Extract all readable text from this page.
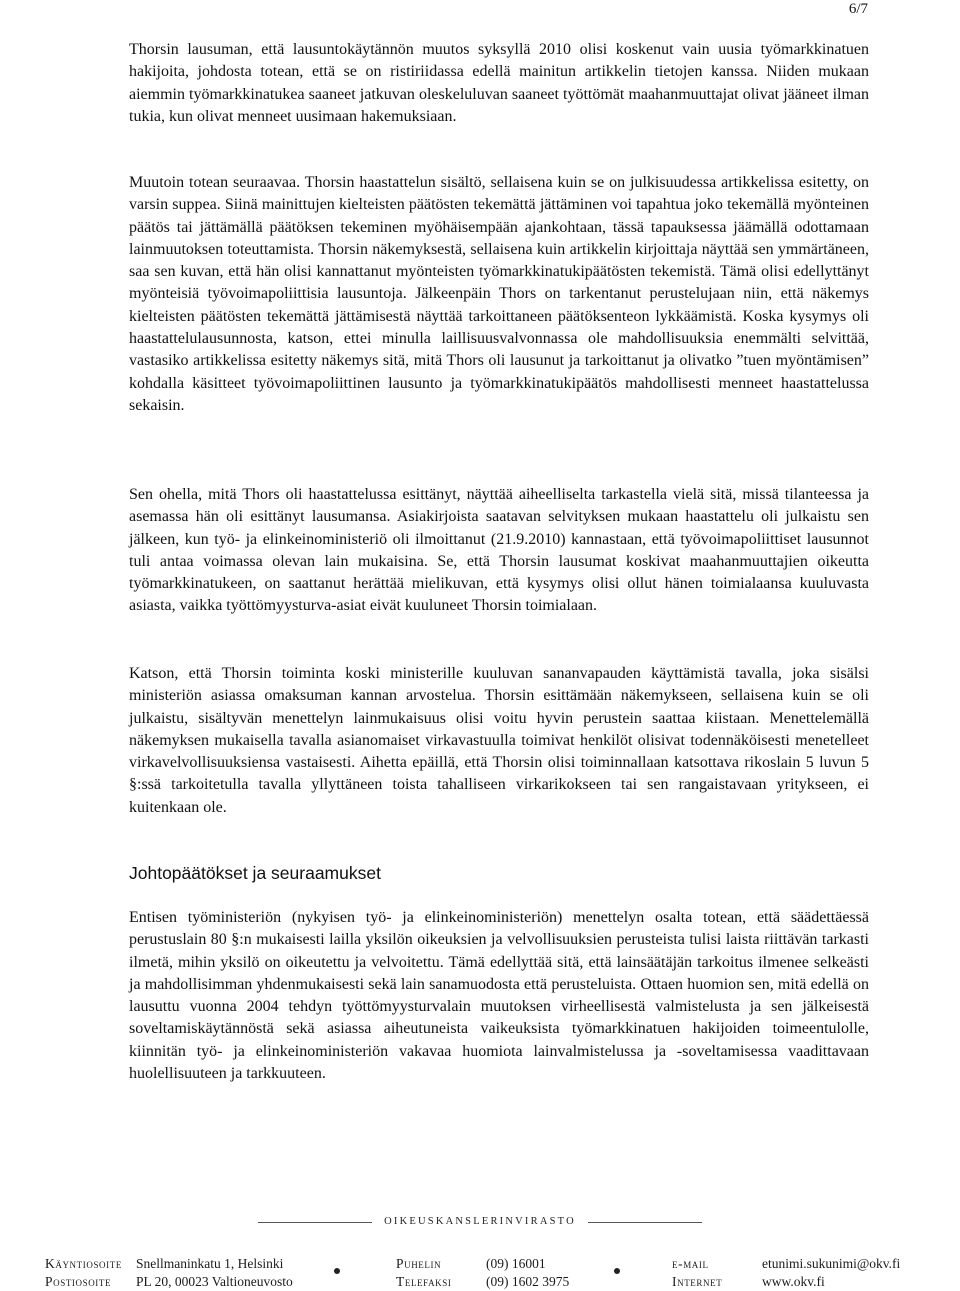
6/7

Thorsin lausuman, että lausuntokäytännön muutos syksyllä 2010 olisi koskenut vain uusia työmarkkinatuen hakijoita, johdosta totean, että se on ristiriidassa edellä mainitun artikkelin tietojen kanssa. Niiden mukaan aiemmin työmarkkinatukea saaneet jatkuvan oleskeluluvan saaneet työttömät maahanmuuttajat olivat jääneet ilman tukia, kun olivat menneet uusimaan hakemuksiaan.

Muutoin totean seuraavaa. Thorsin haastattelun sisältö, sellaisena kuin se on julkisuudessa artikkelissa esitetty, on varsin suppea. Siinä mainittujen kielteisten päätösten tekemättä jättäminen voi tapahtua joko tekemällä myönteinen päätös tai jättämällä päätöksen tekeminen myöhäisempään ajankohtaan, tässä tapauksessa jäämällä odottamaan lainmuutoksen toteuttamista. Thorsin näkemyksestä, sellaisena kuin artikkelin kirjoittaja näyttää sen ymmärtäneen, saa sen kuvan, että hän olisi kannattanut myönteisten työmarkkinatukipäätösten tekemistä. Tämä olisi edellyttänyt myönteisiä työvoimapoliittisia lausuntoja. Jälkeenpäin Thors on tarkentanut perustelujaan niin, että näkemys kielteisten päätösten tekemättä jättämisestä näyttää tarkoittaneen päätöksenteon lykkäämistä. Koska kysymys oli haastattelulausunnosta, katson, ettei minulla laillisuusvalvonnassa ole mahdollisuuksia enemmälti selvittää, vastasiko artikkelissa esitetty näkemys sitä, mitä Thors oli lausunut ja tarkoittanut ja olivatko ”tuen myöntämisen” kohdalla käsitteet työvoimapoliittinen lausunto ja työmarkkinatukipäätös mahdollisesti menneet haastattelussa sekaisin.

Sen ohella, mitä Thors oli haastattelussa esittänyt, näyttää aiheelliselta tarkastella vielä sitä, missä tilanteessa ja asemassa hän oli esittänyt lausumansa. Asiakirjoista saatavan selvityksen mukaan haastattelu oli julkaistu sen jälkeen, kun työ- ja elinkeinoministeriö oli ilmoittanut (21.9.2010) kannastaan, että työvoimapoliittiset lausunnot tuli antaa voimassa olevan lain mukaisina. Se, että Thorsin lausumat koskivat maahanmuuttajien oikeutta työmarkkinatukeen, on saattanut herättää mielikuvan, että kysymys olisi ollut hänen toimialaansa kuuluvasta asiasta, vaikka työttömyysturva-asiat eivät kuuluneet Thorsin toimialaan.

Katson, että Thorsin toiminta koski ministerille kuuluvan sananvapauden käyttämistä tavalla, joka sisälsi ministeriön asiassa omaksuman kannan arvostelua. Thorsin esittämään näkemykseen, sellaisena kuin se oli julkaistu, sisältyvän menettelyn lainmukaisuus olisi voitu hyvin perustein saattaa kiistaan. Menettelemällä näkemyksen mukaisella tavalla asianomaiset virkavastuulla toimivat henkilöt olisivat todennäköisesti menetelleet virkavelvollisuuksiensa vastaisesti. Aihetta epäillä, että Thorsin olisi toiminnallaan katsottava rikoslain 5 luvun 5 §:ssä tarkoitetulla tavalla yllyttäneen toista tahalliseen virkarikokseen tai sen rangaistavaan yritykseen, ei kuitenkaan ole.

Johtopäätökset ja seuraamukset

Entisen työministeriön (nykyisen työ- ja elinkeinoministeriön) menettelyn osalta totean, että säädettäessä perustuslain 80 §:n mukaisesti lailla yksilön oikeuksien ja velvollisuuksien perusteista tulisi laista riittävän tarkasti ilmetä, mihin yksilö on oikeutettu ja velvoitettu. Tämä edellyttää sitä, että lainsäätäjän tarkoitus ilmenee selkeästi ja mahdollisimman yhdenmukaisesti sekä lain sanamuodosta että perusteluista. Ottaen huomion sen, mitä edellä on lausuttu vuonna 2004 tehdyn työttömyysturvalain muutoksen virheellisestä valmistelusta ja sen jälkeisestä soveltamiskäytännöstä sekä asiassa aiheutuneista vaikeuksista työmarkkinatuen hakijoiden toimeentulolle, kiinnitän työ- ja elinkeinoministeriön vakavaa huomiota lainvalmistelussa ja -soveltamisessa vaadittavaan huolellisuuteen ja tarkkuuteen.

OIKEUSKANSLERINVIRASTO
Käyntiosoite Snellmaninkatu 1, Helsinki
Postiosoite PL 20, 00023 Valtioneuvosto
Puhelin	(09) 16001
Telefaksi	(09) 1602 3975
e-mail	etunimi.sukunimi@okv.fi
Internet	www.okv.fi
